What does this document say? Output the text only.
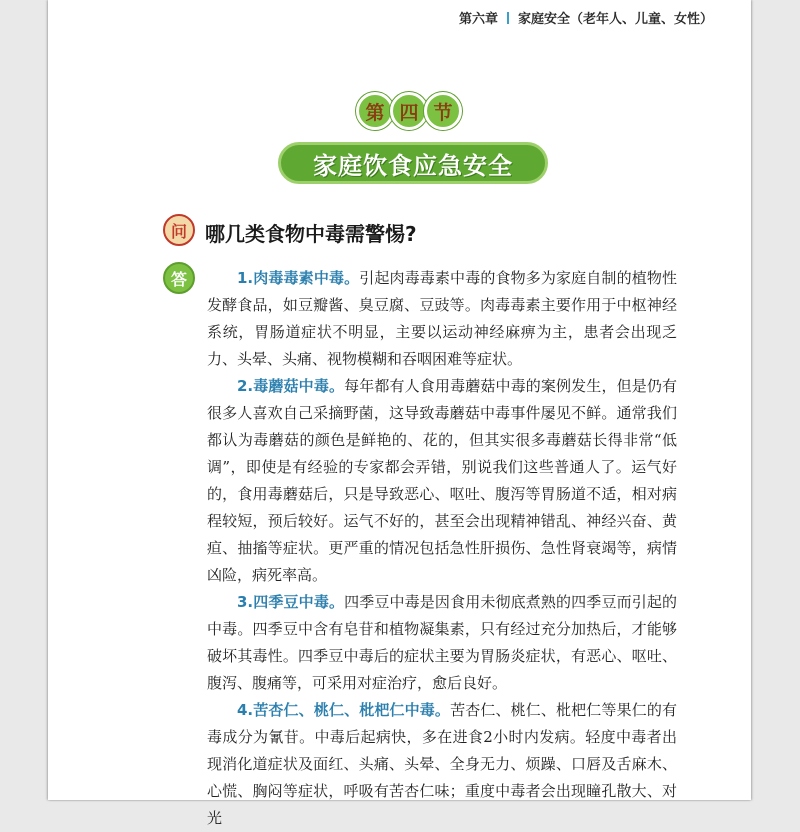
第六章 家庭安全（老年人、儿童、女性）
第 四 节
家庭饮食应急安全
问 哪几类食物中毒需警惕?
答	1.肉毒毒素中毒。引起肉毒毒素中毒的食物多为家庭自制的植物性发酵食品，如豆瓣酱、臭豆腐、豆豉等。肉毒毒素主要作用于中枢神经系统，胃肠道症状不明显，主要以运动神经麻痹为主，患者会出现乏力、头晕、头痛、视物模糊和吞咽困难等症状。

2.毒蘑菇中毒。每年都有人食用毒蘑菇中毒的案例发生，但是仍有很多人喜欢自己采摘野菌，这导致毒蘑菇中毒事件屡见不鲜。通常我们都认为毒蘑菇的颜色是鲜艳的、花的，但其实很多毒蘑菇长得非常“低调”，即使是有经验的专家都会弄错，别说我们这些普通人了。运气好的，食用毒蘑菇后，只是导致恶心、呕吐、腹泻等胃肠道不适，相对病程较短，预后较好。运气不好的，甚至会出现精神错乱、神经兴奋、黄疸、抽搐等症状。更严重的情况包括急性肝损伤、急性肾衰竭等，病情凶险，病死率高。

3.四季豆中毒。四季豆中毒是因食用未彻底煮熟的四季豆而引起的中毒。四季豆中含有皂苷和植物凝集素，只有经过充分加热后，才能够破坏其毒性。四季豆中毒后的症状主要为胃肠炎症状，有恶心、呕吐、腹泻、腹痛等，可采用对症治疗，愈后良好。

4.苦杏仁、桃仁、枇杷仁中毒。苦杏仁、桃仁、枇杷仁等果仁的有毒成分为氰苷。中毒后起病快，多在进食2小时内发病。轻度中毒者出现消化道症状及面红、头痛、头晕、全身无力、烦躁、口唇及舌麻木、心慌、胸闷等症状，呼吸有苦杏仁味；重度中毒者会出现瞳孔散大、对光
